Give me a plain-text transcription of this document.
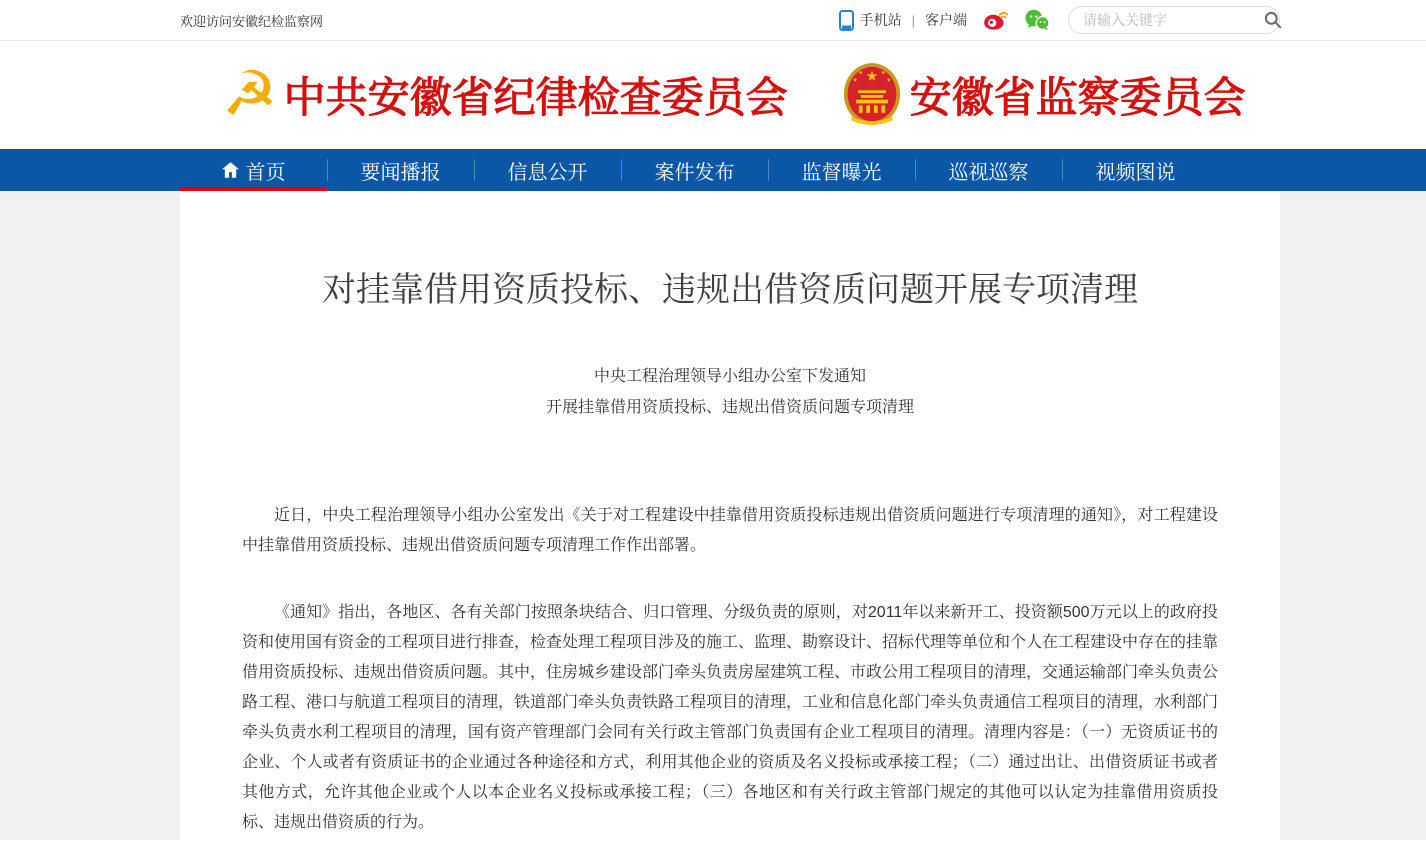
欢迎访问安徽纪检监察网	手机站 | 客户端
请输入关键字
☭ 中共安徽省纪律检查委员会	安徽省监察委员会
首页	要闻播报	信息公开	案件发布	监督曝光	巡视巡察	视频图说
对挂靠借用资质投标、违规出借资质问题开展专项清理
中央工程治理领导小组办公室下发通知
开展挂靠借用资质投标、违规出借资质问题专项清理

近日，中央工程治理领导小组办公室发出《关于对工程建设中挂靠借用资质投标违规出借资质问题进行专项清理的通知》，对工程建设中挂靠借用资质投标、违规出借资质问题专项清理工作作出部署。

《通知》指出，各地区、各有关部门按照条块结合、归口管理、分级负责的原则，对2011年以来新开工、投资额500万元以上的政府投资和使用国有资金的工程项目进行排查，检查处理工程项目涉及的施工、监理、勘察设计、招标代理等单位和个人在工程建设中存在的挂靠借用资质投标、违规出借资质问题。其中，住房城乡建设部门牵头负责房屋建筑工程、市政公用工程项目的清理，交通运输部门牵头负责公路工程、港口与航道工程项目的清理，铁道部门牵头负责铁路工程项目的清理，工业和信息化部门牵头负责通信工程项目的清理，水利部门牵头负责水利工程项目的清理，国有资产管理部门会同有关行政主管部门负责国有企业工程项目的清理。清理内容是：（一）无资质证书的企业、个人或者有资质证书的企业通过各种途径和方式，利用其他企业的资质及名义投标或承接工程；（二）通过出让、出借资质证书或者其他方式，允许其他企业或个人以本企业名义投标或承接工程；（三）各地区和有关行政主管部门规定的其他可以认定为挂靠借用资质投标、违规出借资质的行为。
